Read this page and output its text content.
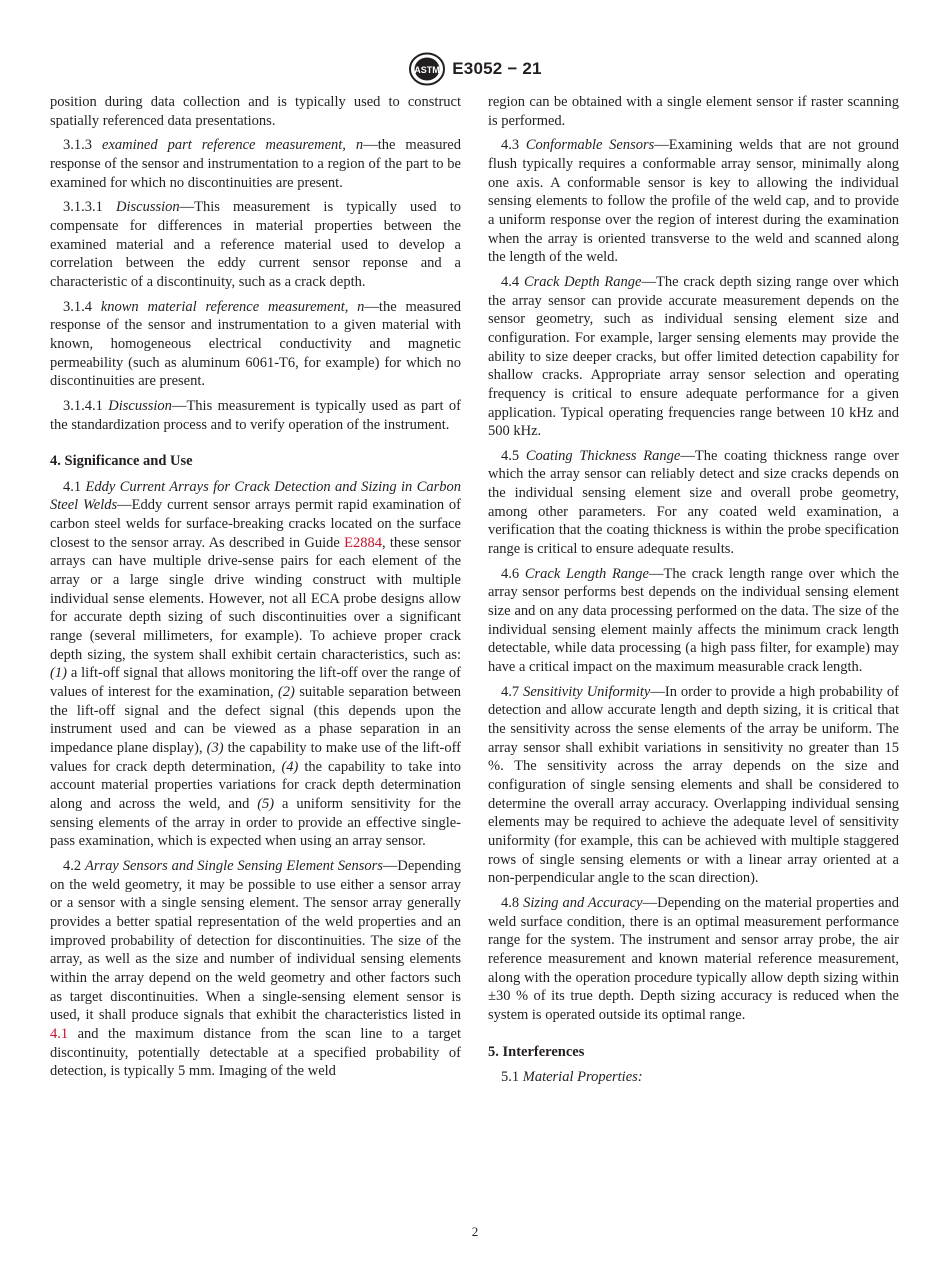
ASTM E3052 − 21

position during data collection and is typically used to construct spatially referenced data presentations.

3.1.3 examined part reference measurement, n—the measured response of the sensor and instrumentation to a region of the part to be examined for which no discontinuities are present.

3.1.3.1 Discussion—This measurement is typically used to compensate for differences in material properties between the examined material and a reference material used to develop a correlation between the eddy current sensor reponse and a characteristic of a discontinuity, such as a crack depth.

3.1.4 known material reference measurement, n—the measured response of the sensor and instrumentation to a given material with known, homogeneous electrical conductivity and magnetic permeability (such as aluminum 6061-T6, for example) for which no discontinuities are present.

3.1.4.1 Discussion—This measurement is typically used as part of the standardization process and to verify operation of the instrument.

4. Significance and Use

4.1 Eddy Current Arrays for Crack Detection and Sizing in Carbon Steel Welds—Eddy current sensor arrays permit rapid examination of carbon steel welds for surface-breaking cracks located on the surface closest to the sensor array. As described in Guide E2884, these sensor arrays can have multiple drive-sense pairs for each element of the array or a large single drive winding construct with multiple individual sense elements. However, not all ECA probe designs allow for accurate depth sizing of such discontinuities over a significant range (several millimeters, for example). To achieve proper crack depth sizing, the system shall exhibit certain characteristics, such as: (1) a lift-off signal that allows monitoring the lift-off over the range of values of interest for the examination, (2) suitable separation between the lift-off signal and the defect signal (this depends upon the instrument used and can be viewed as a phase separation in an impedance plane display), (3) the capability to make use of the lift-off values for crack depth determination, (4) the capability to take into account material properties variations for crack depth determination along and across the weld, and (5) a uniform sensitivity for the sensing elements of the array in order to provide an effective single-pass examination, which is expected when using an array sensor.

4.2 Array Sensors and Single Sensing Element Sensors—Depending on the weld geometry, it may be possible to use either a sensor array or a sensor with a single sensing element. The sensor array generally provides a better spatial representation of the weld properties and an improved probability of detection for discontinuities. The size of the array, as well as the size and number of individual sensing elements within the array depend on the weld geometry and other factors such as target discontinuities. When a single-sensing element sensor is used, it shall produce signals that exhibit the characteristics listed in 4.1 and the maximum distance from the scan line to a target discontinuity, potentially detectable at a specified probability of detection, is typically 5 mm. Imaging of the weld

region can be obtained with a single element sensor if raster scanning is performed.

4.3 Conformable Sensors—Examining welds that are not ground flush typically requires a conformable array sensor, minimally along one axis. A conformable sensor is key to allowing the individual sensing elements to follow the profile of the weld cap, and to provide a uniform response over the region of interest during the examination when the array is oriented transverse to the weld and scanned along the length of the weld.

4.4 Crack Depth Range—The crack depth sizing range over which the array sensor can provide accurate measurement depends on the sensor geometry, such as individual sensing element size and configuration. For example, larger sensing elements may provide the ability to size deeper cracks, but offer limited detection capability for shallow cracks. Appropriate array sensor selection and operating frequency is critical to ensure adequate performance for a given application. Typical operating frequencies range between 10 kHz and 500 kHz.

4.5 Coating Thickness Range—The coating thickness range over which the array sensor can reliably detect and size cracks depends on the individual sensing element size and overall probe geometry, among other parameters. For any coated weld examination, a verification that the coating thickness is within the probe specification range is critical to ensure adequate results.

4.6 Crack Length Range—The crack length range over which the array sensor performs best depends on the individual sensing element size and on any data processing performed on the data. The size of the individual sensing element mainly affects the minimum crack length detectable, while data processing (a high pass filter, for example) may have a critical impact on the maximum measurable crack length.

4.7 Sensitivity Uniformity—In order to provide a high probability of detection and allow accurate length and depth sizing, it is critical that the sensitivity across the sense elements of the array be uniform. The array sensor shall exhibit variations in sensitivity no greater than 15 %. The sensitivity across the array depends on the size and configuration of single sensing elements and shall be considered to determine the overall array accuracy. Overlapping individual sensing elements may be required to achieve the adequate level of sensitivity uniformity (for example, this can be achieved with multiple staggered rows of single sensing elements or with a linear array oriented at a non-perpendicular angle to the scan direction).

4.8 Sizing and Accuracy—Depending on the material properties and weld surface condition, there is an optimal measurement performance range for the system. The instrument and sensor array probe, the air reference measurement and known material reference measurement, along with the operation procedure typically allow depth sizing within ±30 % of its true depth. Depth sizing accuracy is reduced when the system is operated outside its optimal range.

5. Interferences

5.1 Material Properties:

2
